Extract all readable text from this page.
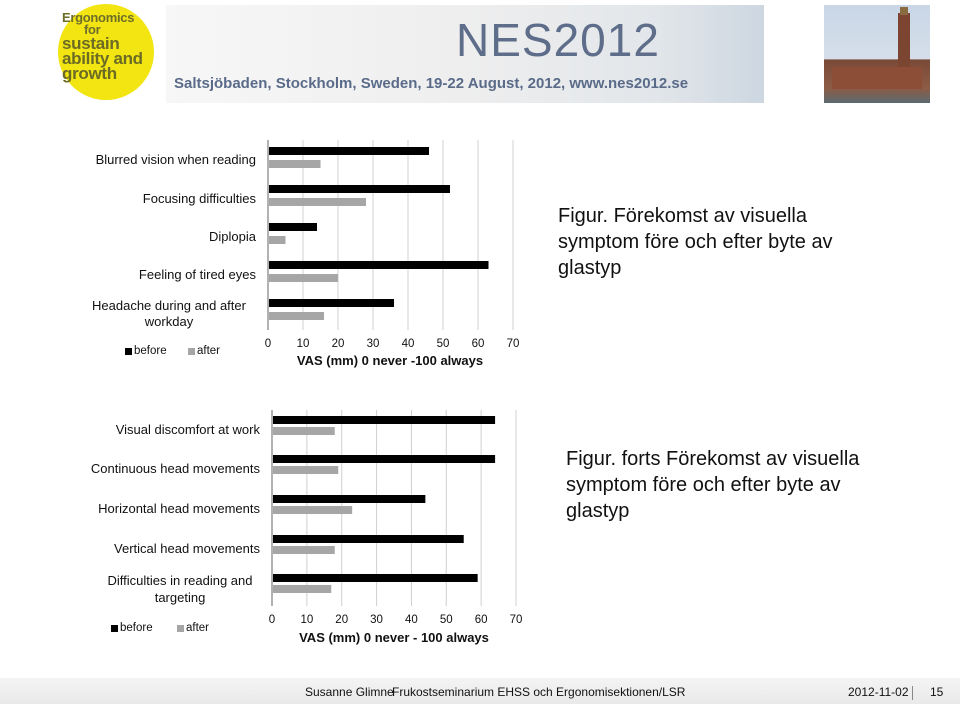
Ergonomics
for
sustain
ability and
growth
NES2012
Saltsjöbaden, Stockholm, Sweden, 19-22 August, 2012, www.nes2012.se
Blurred vision when reading
Focusing difficulties
Diplopia
Feeling of tired eyes
Headache during and after workday
before	after
0	10	20	30	40	50	60	70
VAS (mm) 0 never -100 always
Figur. Förekomst av visuella symptom före och efter byte av glastyp
Visual discomfort at work
Continuous head movements
Horizontal head movements
Vertical head movements
Difficulties in reading and targeting
before	after
0	10	20	30	40	50	60	70
VAS (mm) 0 never - 100 always
Figur. forts Förekomst av visuella symptom före och efter byte av glastyp
Susanne Glimne
Frukostseminarium EHSS och Ergonomisektionen/LSR	2012-11-02 15
